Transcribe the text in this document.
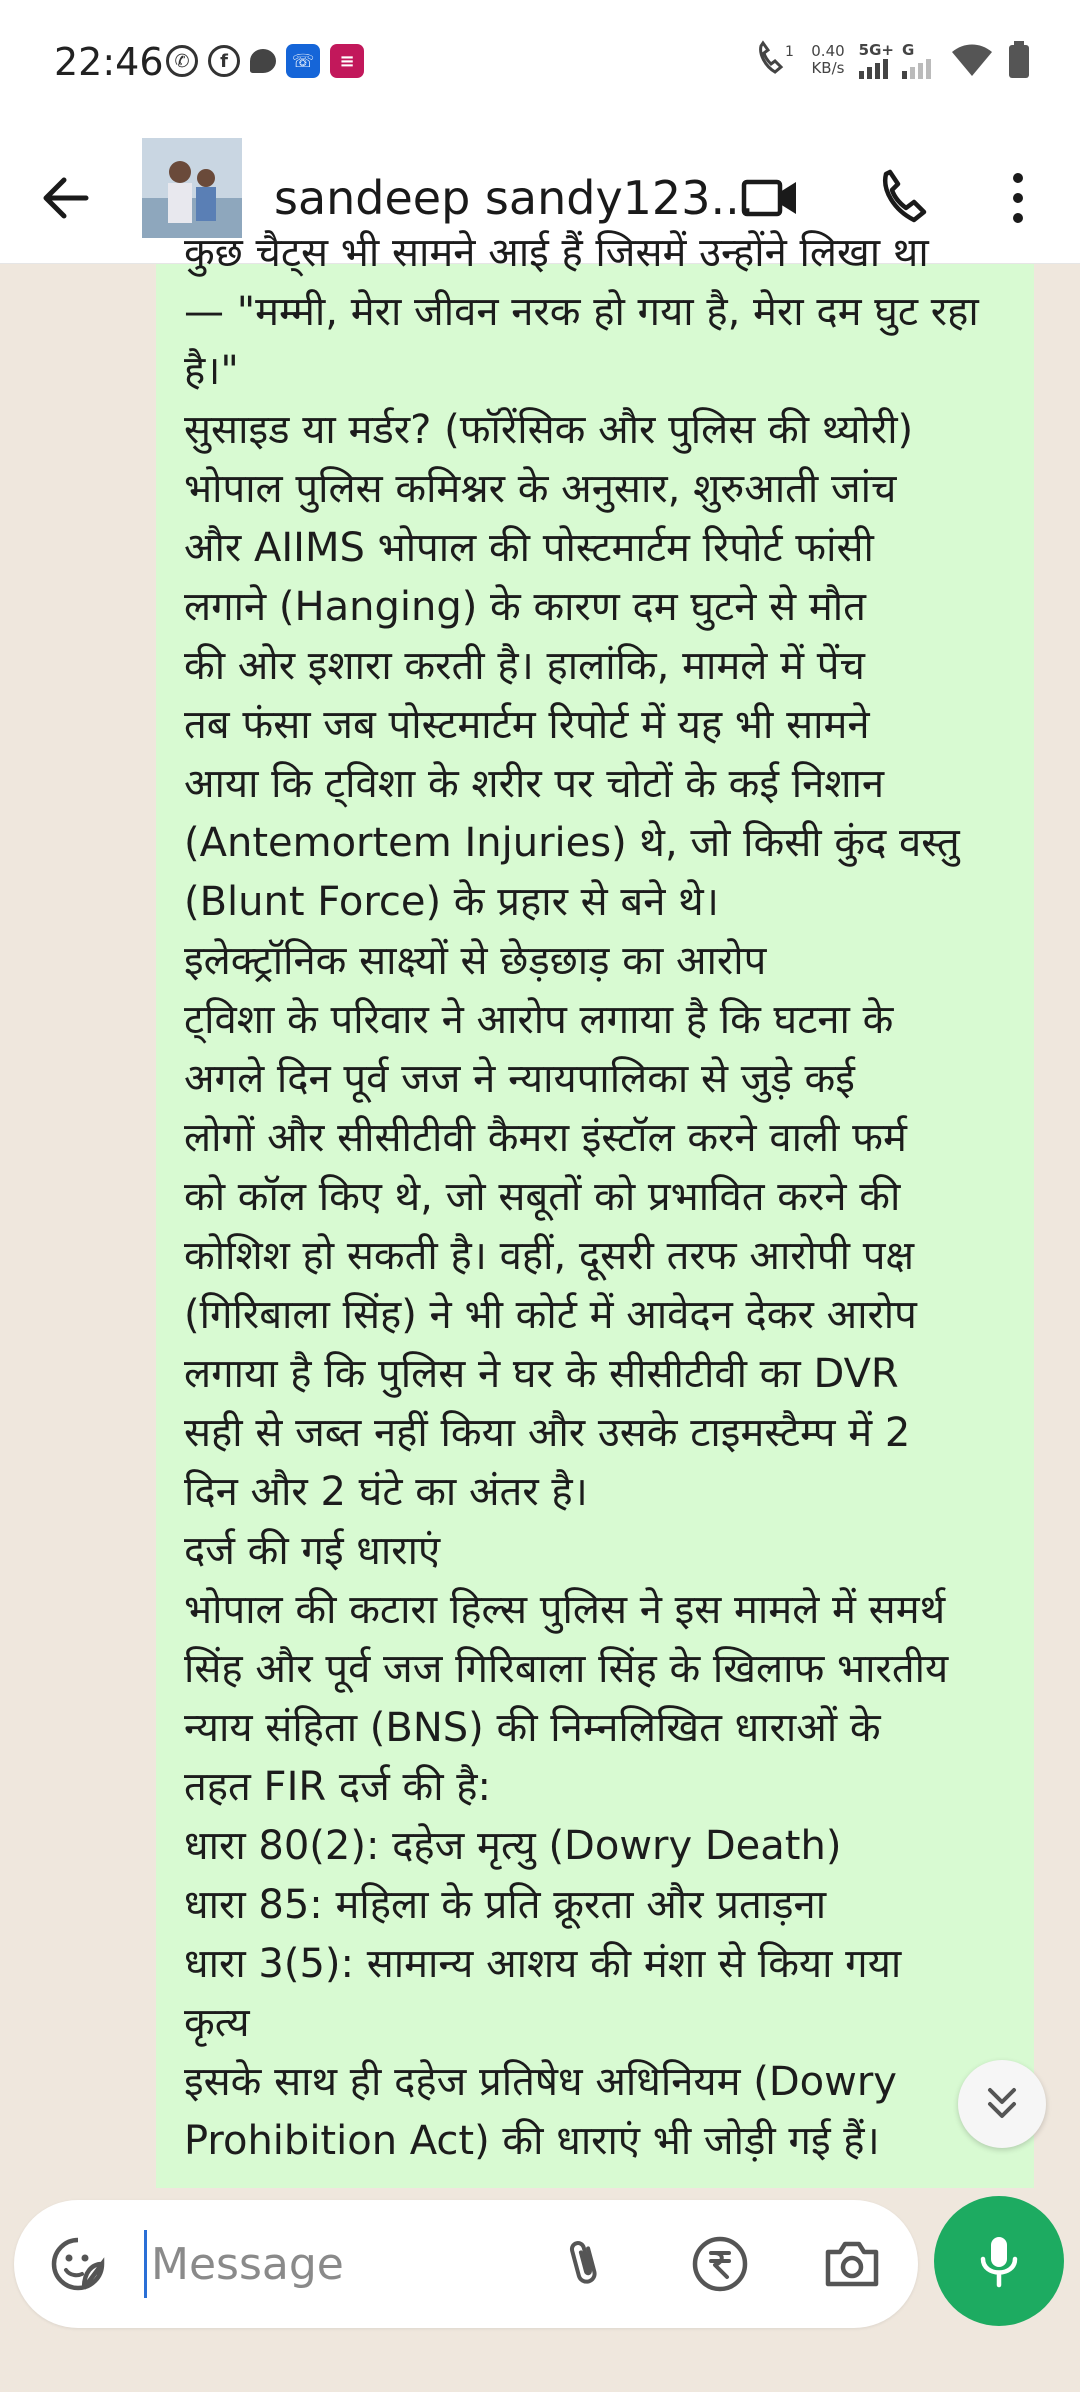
22:46 ✆	f	☏	≡	1 0.40
KB/s
5G+ G
sandeep sandy123...
कुछ चैट्स भी सामने आई हैं जिसमें उन्होंने लिखा था
— "मम्मी, मेरा जीवन नरक हो गया है, मेरा दम घुट रहा
है।"
सुसाइड या मर्डर? (फॉरेंसिक और पुलिस की थ्योरी)
भोपाल पुलिस कमिश्नर के अनुसार, शुरुआती जांच
और AIIMS भोपाल की पोस्टमार्टम रिपोर्ट फांसी
लगाने (Hanging) के कारण दम घुटने से मौत
की ओर इशारा करती है। हालांकि, मामले में पेंच
तब फंसा जब पोस्टमार्टम रिपोर्ट में यह भी सामने
आया कि ट्विशा के शरीर पर चोटों के कई निशान
(Antemortem Injuries) थे, जो किसी कुंद वस्तु
(Blunt Force) के प्रहार से बने थे।
इलेक्ट्रॉनिक साक्ष्यों से छेड़छाड़ का आरोप
ट्विशा के परिवार ने आरोप लगाया है कि घटना के
अगले दिन पूर्व जज ने न्यायपालिका से जुड़े कई
लोगों और सीसीटीवी कैमरा इंस्टॉल करने वाली फर्म
को कॉल किए थे, जो सबूतों को प्रभावित करने की
कोशिश हो सकती है। वहीं, दूसरी तरफ आरोपी पक्ष
(गिरिबाला सिंह) ने भी कोर्ट में आवेदन देकर आरोप
लगाया है कि पुलिस ने घर के सीसीटीवी का DVR
सही से जब्त नहीं किया और उसके टाइमस्टैम्प में 2
दिन और 2 घंटे का अंतर है।
दर्ज की गई धाराएं
भोपाल की कटारा हिल्स पुलिस ने इस मामले में समर्थ
सिंह और पूर्व जज गिरिबाला सिंह के खिलाफ भारतीय
न्याय संहिता (BNS) की निम्नलिखित धाराओं के
तहत FIR दर्ज की है:
धारा 80(2): दहेज मृत्यु (Dowry Death)
धारा 85: महिला के प्रति क्रूरता और प्रताड़ना
धारा 3(5): सामान्य आशय की मंशा से किया गया
कृत्य
इसके साथ ही दहेज प्रतिषेध अधिनियम (Dowry
Prohibition Act) की धाराएं भी जोड़ी गई हैं।
Message
